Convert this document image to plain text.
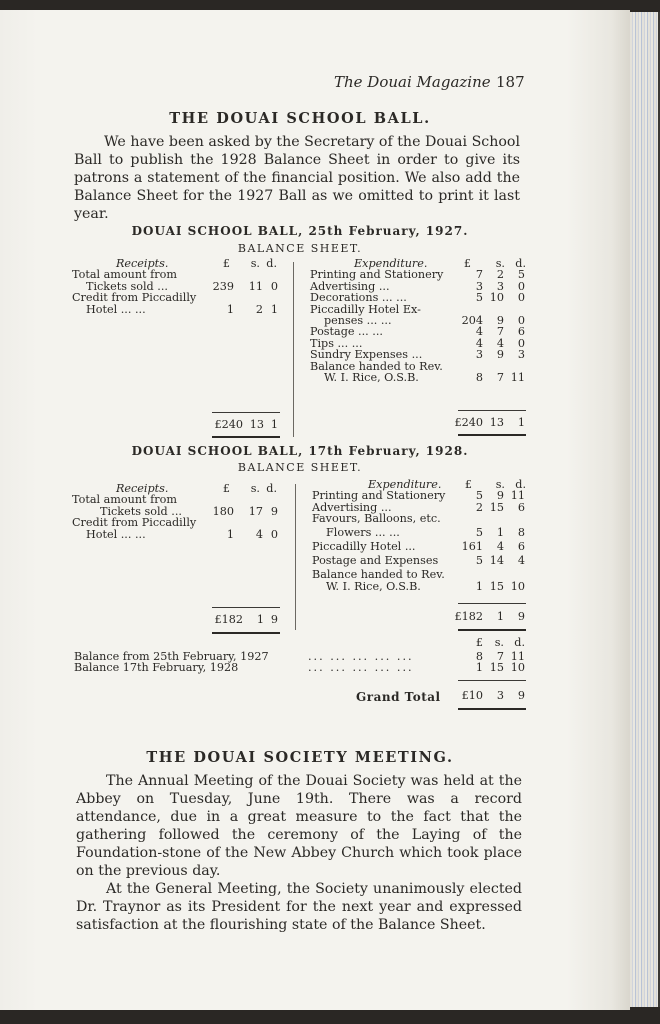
The Douai Magazine 187
THE DOUAI SCHOOL BALL.

We have been asked by the Secretary of the Douai School Ball to publish the 1928 Balance Sheet in order to give its patrons a statement of the financial position. We also add the Balance Sheet for the 1927 Ball as we omitted to print it last year.

DOUAI SCHOOL BALL, 25th February, 1927.
BALANCE SHEET.
Receipts.	£ s. d.
Total amount from
Tickets sold ...	239 11 0
Credit from Piccadilly
Hotel ... ...	1 2 1
£240 13 1
Expenditure.	£ s. d.
Printing and Stationery	7 2 5
Advertising ...	3 3 0
Decorations ... ...	5 10 0
Piccadilly Hotel Ex-
penses ... ...	204 9 0
Postage ... ...	4 7 6
Tips ... ...	4 4 0
Sundry Expenses ...	3 9 3
Balance handed to Rev.
W. I. Rice, O.S.B.	8 7 11
£240 13 1
DOUAI SCHOOL BALL, 17th February, 1928.
BALANCE SHEET.
Receipts.	£ s. d.
Total amount from
Tickets sold ...	180 17 9
Credit from Piccadilly
Hotel ... ...	1 4 0
£182 1 9
Expenditure. £ s. d.
Printing and Stationery	5 9 11
Advertising ...	2 15 6
Favours, Balloons, etc.
Flowers ... ...	5 1 8
Piccadilly Hotel ...	161 4 6
Postage and Expenses	5 14 4
Balance handed to Rev.
W. I. Rice, O.S.B.	1 15 10
£182 1 9
£ s. d.
Balance from 25th February, 1927	... ... ... ... ...	8 7 11
Balance 17th February, 1928	... ... ... ... ...	1 15 10
Grand Total £10 3 9
THE DOUAI SOCIETY MEETING.

The Annual Meeting of the Douai Society was held at the Abbey on Tuesday, June 19th. There was a record attendance, due in a great measure to the fact that the gathering followed the ceremony of the Laying of the Foundation-stone of the New Abbey Church which took place on the previous day.

At the General Meeting, the Society unanimously elected Dr. Traynor as its President for the next year and expressed satisfaction at the flourishing state of the Balance Sheet.
